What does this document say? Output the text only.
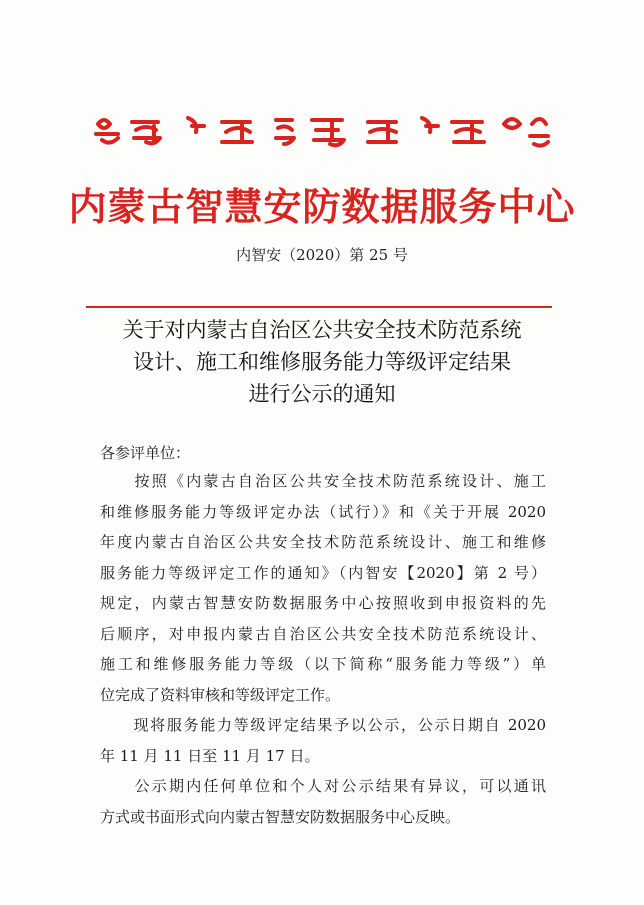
内蒙古智慧安防数据服务中心
内智安（2020）第 25 号
关于对内蒙古自治区公共安全技术防范系统
设计、施工和维修服务能力等级评定结果
进行公示的通知
各参评单位：
　　按照《内蒙古自治区公共安全技术防范系统设计、施工
和维修服务能力等级评定办法（试行）》和《关于开展 2020
年度内蒙古自治区公共安全技术防范系统设计、施工和维修
服务能力等级评定工作的通知》（内智安【2020】第 2 号）
规定，内蒙古智慧安防数据服务中心按照收到申报资料的先
后顺序，对申报内蒙古自治区公共安全技术防范系统设计、
施工和维修服务能力等级（以下简称“服务能力等级”）单
位完成了资料审核和等级评定工作。
　　现将服务能力等级评定结果予以公示，公示日期自 2020
年 11 月 11 日至 11 月 17 日。
　　公示期内任何单位和个人对公示结果有异议，可以通讯
方式或书面形式向内蒙古智慧安防数据服务中心反映。
